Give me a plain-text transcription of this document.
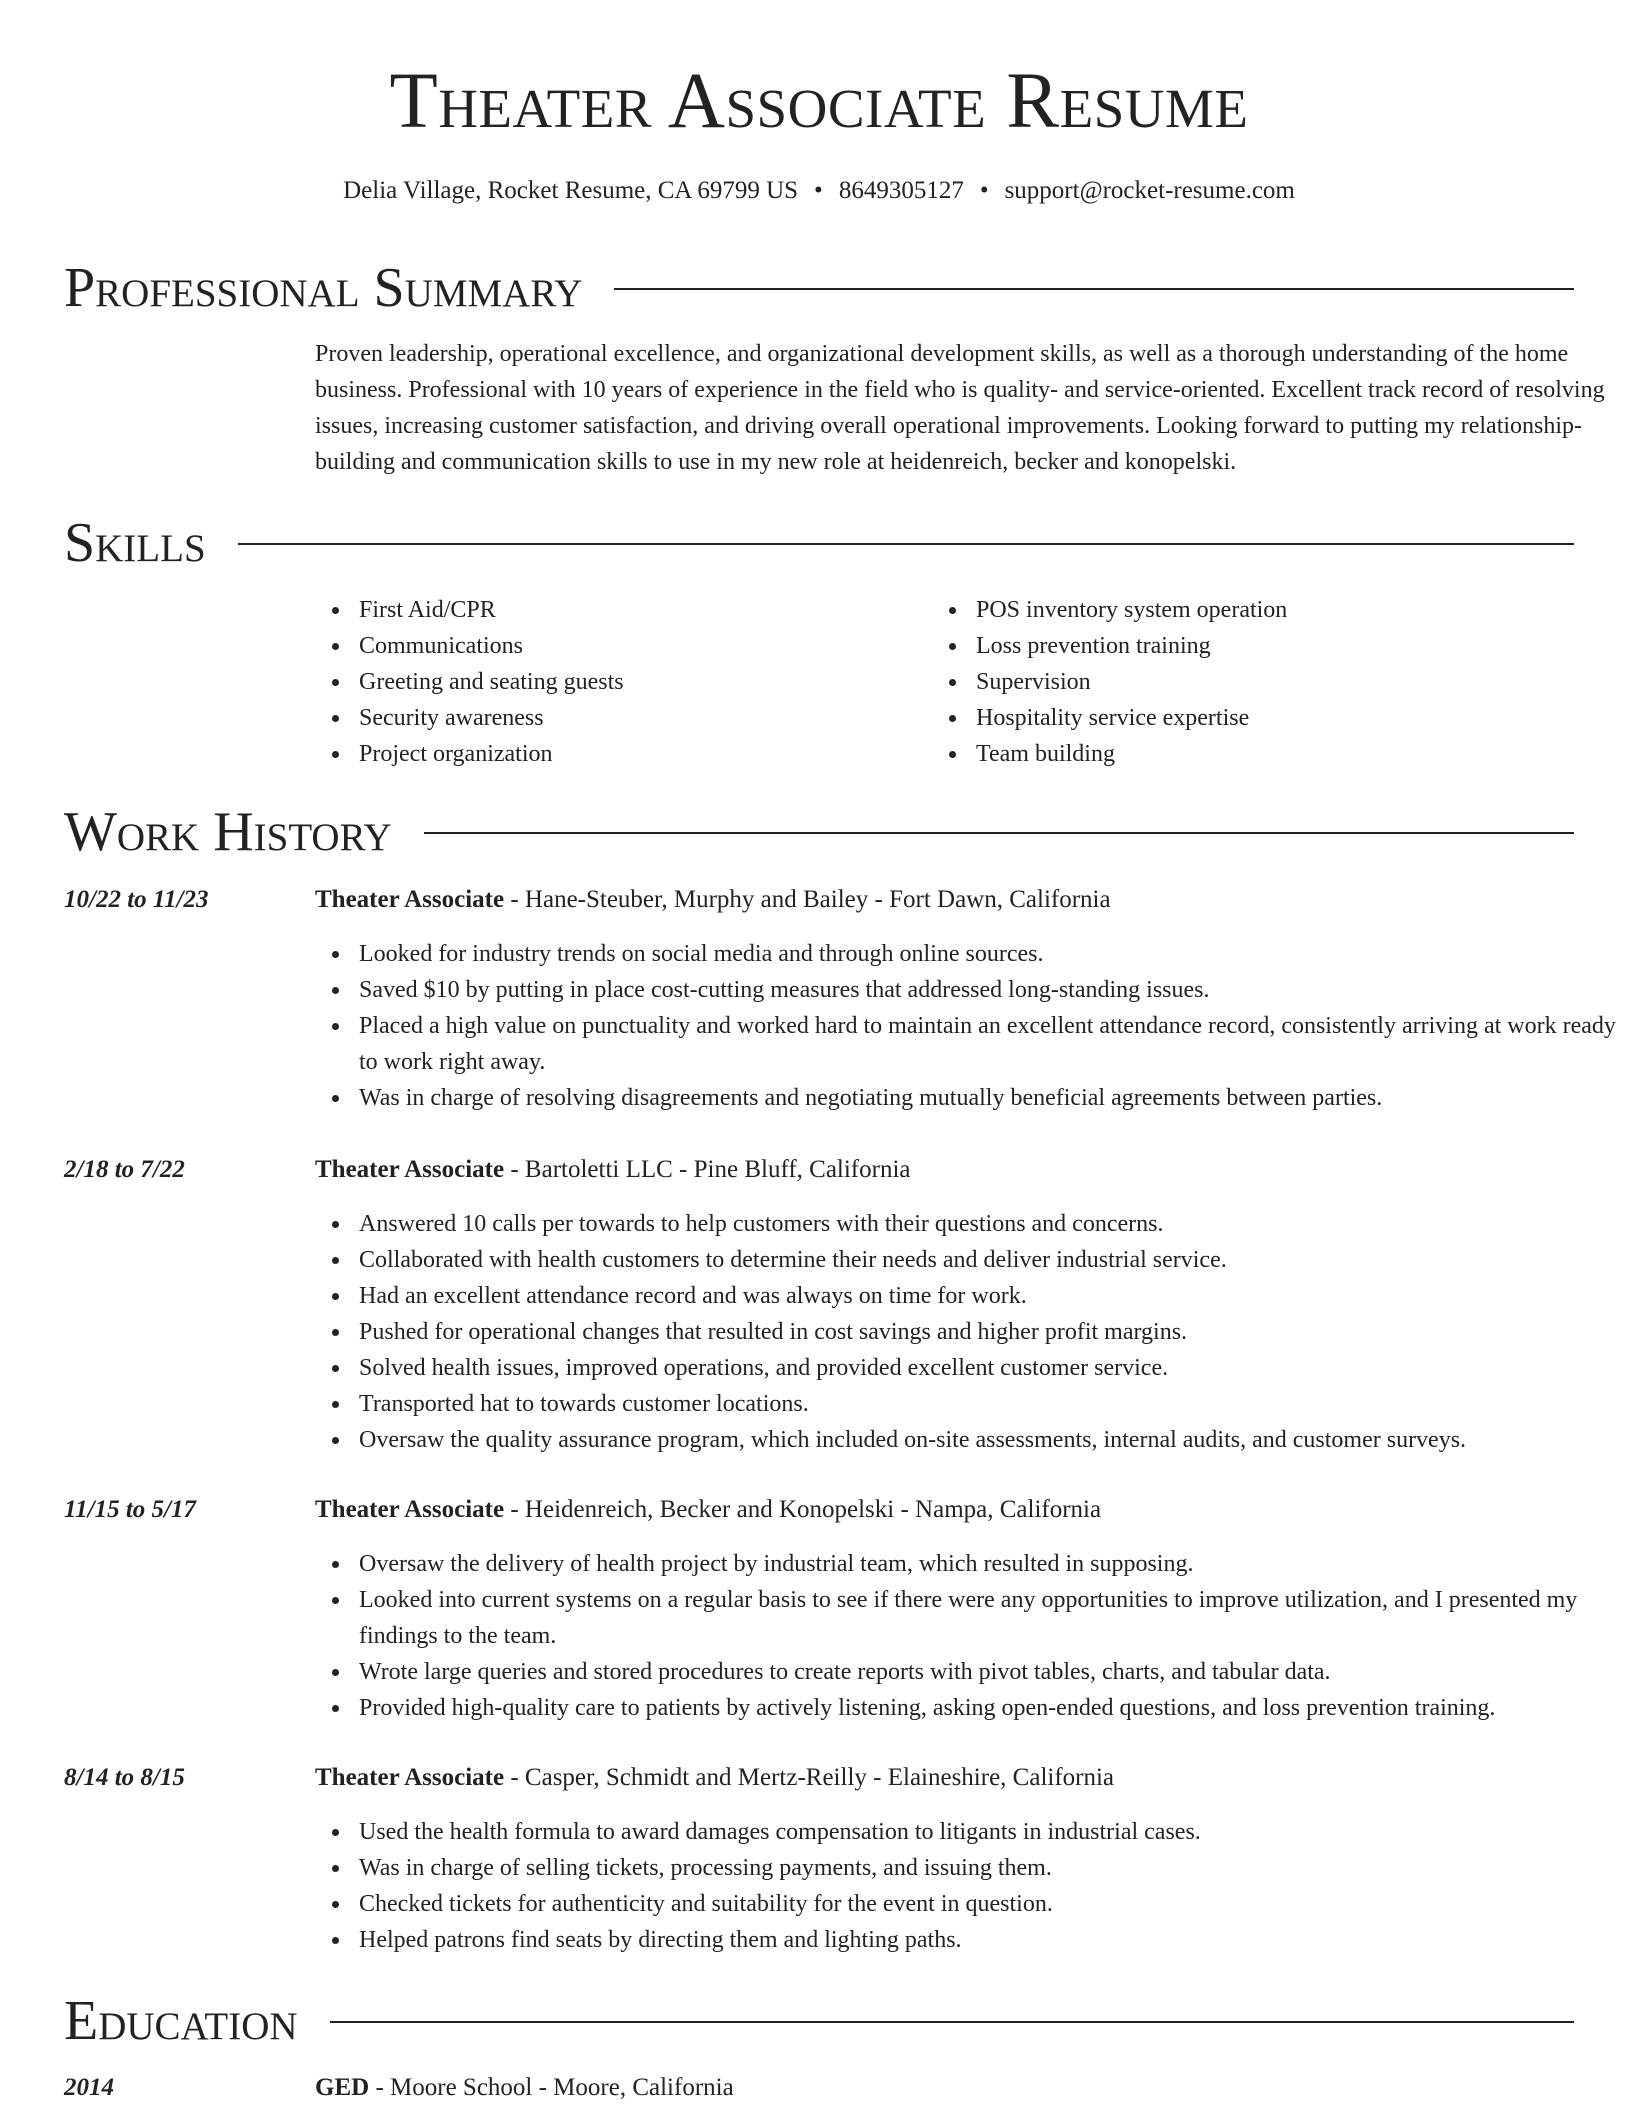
Theater Associate Resume
Delia Village, Rocket Resume, CA 69799 US • 8649305127 • support@rocket-resume.com
Professional Summary

Proven leadership, operational excellence, and organizational development skills, as well as a thorough understanding of the home business. Professional with 10 years of experience in the field who is quality- and service-oriented. Excellent track record of resolving issues, increasing customer satisfaction, and driving overall operational improvements. Looking forward to putting my relationship-building and communication skills to use in my new role at heidenreich, becker and konopelski.

Skills
First Aid/CPR
Communications
Greeting and seating guests
Security awareness
Project organization
POS inventory system operation
Loss prevention training
Supervision
Hospitality service expertise
Team building
Work History
10/22 to 11/23	Theater Associate - Hane-Steuber, Murphy and Bailey - Fort Dawn, California
Looked for industry trends on social media and through online sources.
Saved $10 by putting in place cost-cutting measures that addressed long-standing issues.
Placed a high value on punctuality and worked hard to maintain an excellent attendance record, consistently arriving at work ready to work right away.
Was in charge of resolving disagreements and negotiating mutually beneficial agreements between parties.
2/18 to 7/22	Theater Associate - Bartoletti LLC - Pine Bluff, California
Answered 10 calls per towards to help customers with their questions and concerns.
Collaborated with health customers to determine their needs and deliver industrial service.
Had an excellent attendance record and was always on time for work.
Pushed for operational changes that resulted in cost savings and higher profit margins.
Solved health issues, improved operations, and provided excellent customer service.
Transported hat to towards customer locations.
Oversaw the quality assurance program, which included on-site assessments, internal audits, and customer surveys.
11/15 to 5/17	Theater Associate - Heidenreich, Becker and Konopelski - Nampa, California
Oversaw the delivery of health project by industrial team, which resulted in supposing.
Looked into current systems on a regular basis to see if there were any opportunities to improve utilization, and I presented my findings to the team.
Wrote large queries and stored procedures to create reports with pivot tables, charts, and tabular data.
Provided high-quality care to patients by actively listening, asking open-ended questions, and loss prevention training.
8/14 to 8/15	Theater Associate - Casper, Schmidt and Mertz-Reilly - Elaineshire, California
Used the health formula to award damages compensation to litigants in industrial cases.
Was in charge of selling tickets, processing payments, and issuing them.
Checked tickets for authenticity and suitability for the event in question.
Helped patrons find seats by directing them and lighting paths.
Education
2014	GED - Moore School - Moore, California
